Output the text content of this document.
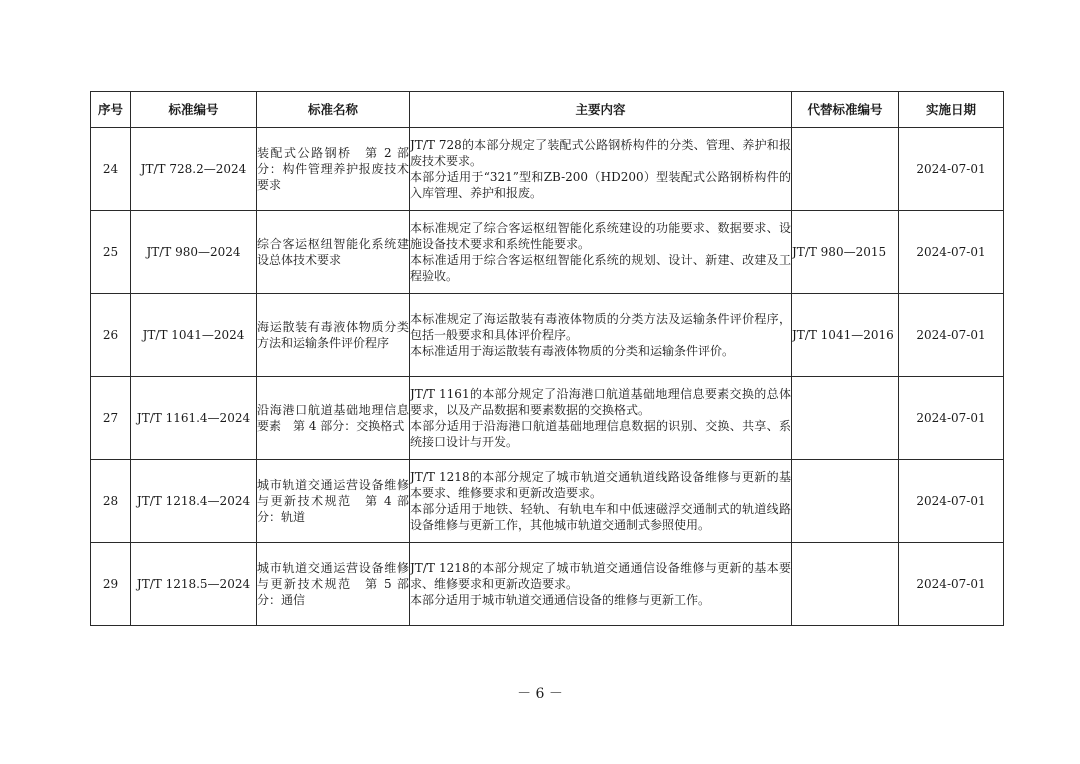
序号	标准编号	标准名称	主要内容	代替标准编号	实施日期
24	JT/T 728.2—2024	装配式公路钢桥　第 2 部分：构件管理养护报废技术要求	JT/T 728的本部分规定了装配式公路钢桥构件的分类、管理、养护和报废技术要求。
本部分适用于“321”型和ZB-200（HD200）型装配式公路钢桥构件的入库管理、养护和报废。		2024-07-01
25	JT/T 980—2024	综合客运枢纽智能化系统建设总体技术要求	本标准规定了综合客运枢纽智能化系统建设的功能要求、数据要求、设施设备技术要求和系统性能要求。
本标准适用于综合客运枢纽智能化系统的规划、设计、新建、改建及工程验收。	JT/T 980—2015	2024-07-01
26	JT/T 1041—2024	海运散装有毒液体物质分类方法和运输条件评价程序	本标准规定了海运散装有毒液体物质的分类方法及运输条件评价程序，包括一般要求和具体评价程序。
本标准适用于海运散装有毒液体物质的分类和运输条件评价。	JT/T 1041—2016	2024-07-01
27	JT/T 1161.4—2024	沿海港口航道基础地理信息要素　第 4 部分：交换格式	JT/T 1161的本部分规定了沿海港口航道基础地理信息要素交换的总体要求，以及产品数据和要素数据的交换格式。
本部分适用于沿海港口航道基础地理信息数据的识别、交换、共享、系统接口设计与开发。		2024-07-01
28	JT/T 1218.4—2024	城市轨道交通运营设备维修与更新技术规范　第 4 部分：轨道	JT/T 1218的本部分规定了城市轨道交通轨道线路设备维修与更新的基本要求、维修要求和更新改造要求。
本部分适用于地铁、轻轨、有轨电车和中低速磁浮交通制式的轨道线路设备维修与更新工作，其他城市轨道交通制式参照使用。		2024-07-01
29	JT/T 1218.5—2024	城市轨道交通运营设备维修与更新技术规范　第 5 部分：通信	JT/T 1218的本部分规定了城市轨道交通通信设备维修与更新的基本要求、维修要求和更新改造要求。
本部分适用于城市轨道交通通信设备的维修与更新工作。		2024-07-01
－ 6 －
